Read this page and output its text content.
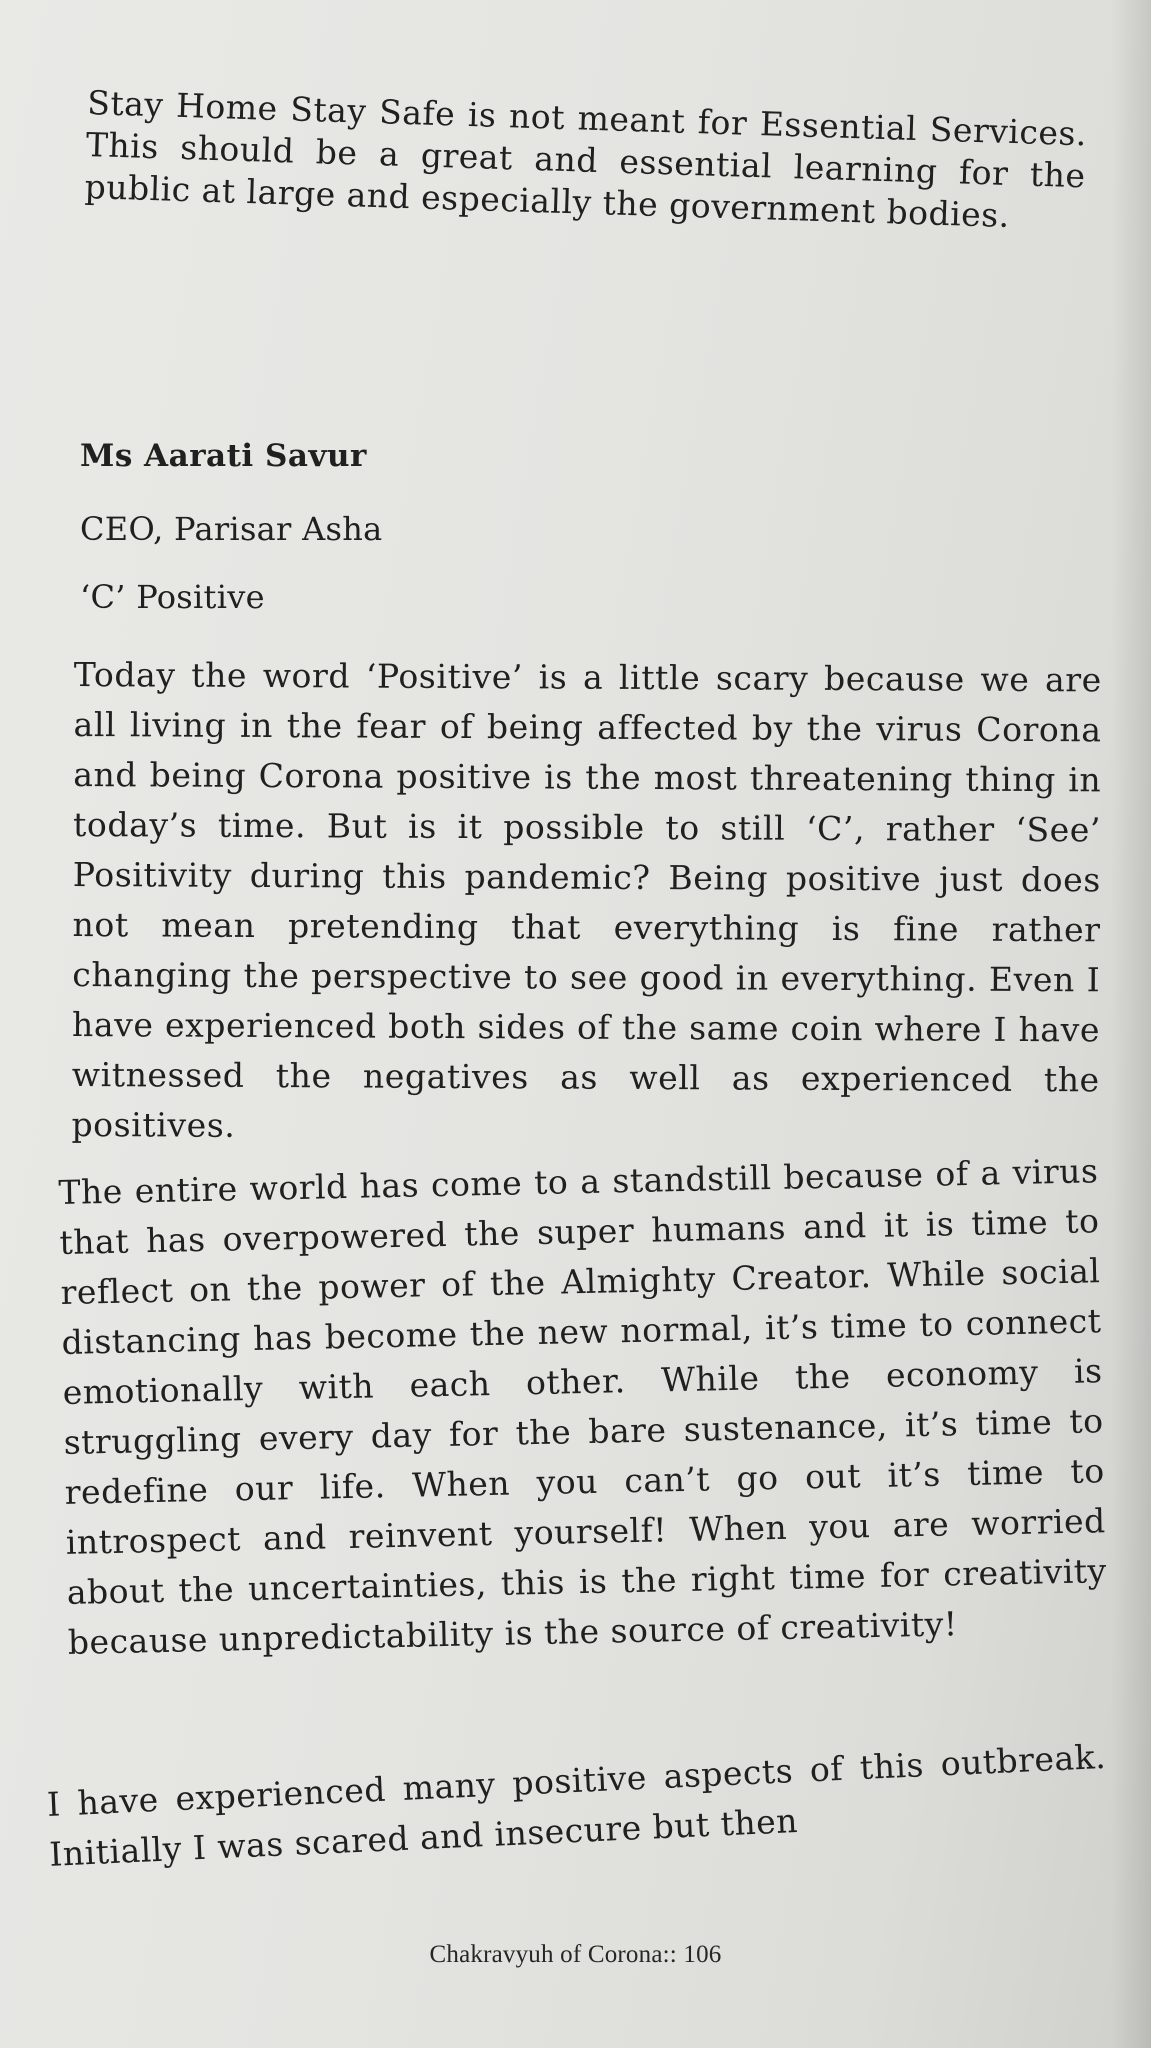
Stay Home Stay Safe is not meant for Essential Services. This should be a great and essential learning for the public at large and especially the government bodies.

Ms Aarati Savur

CEO, Parisar Asha

‘C’ Positive

Today the word ‘Positive’ is a little scary because we are all living in the fear of being affected by the virus Corona and being Corona positive is the most threatening thing in today’s time. But is it possible to still ‘C’, rather ‘See’ Positivity during this pandemic? Being positive just does not mean pretending that everything is fine rather changing the perspective to see good in everything. Even I have experienced both sides of the same coin where I have witnessed the negatives as well as experienced the positives.

The entire world has come to a standstill because of a virus that has overpowered the super humans and it is time to reflect on the power of the Almighty Creator. While social distancing has become the new normal, it’s time to connect emotionally with each other. While the economy is struggling every day for the bare sustenance, it’s time to redefine our life. When you can’t go out it’s time to introspect and reinvent yourself! When you are worried about the uncertainties, this is the right time for creativity because unpredictability is the source of creativity!

I have experienced many positive aspects of this outbreak. Initially I was scared and insecure but then

Chakravyuh of Corona:: 106
